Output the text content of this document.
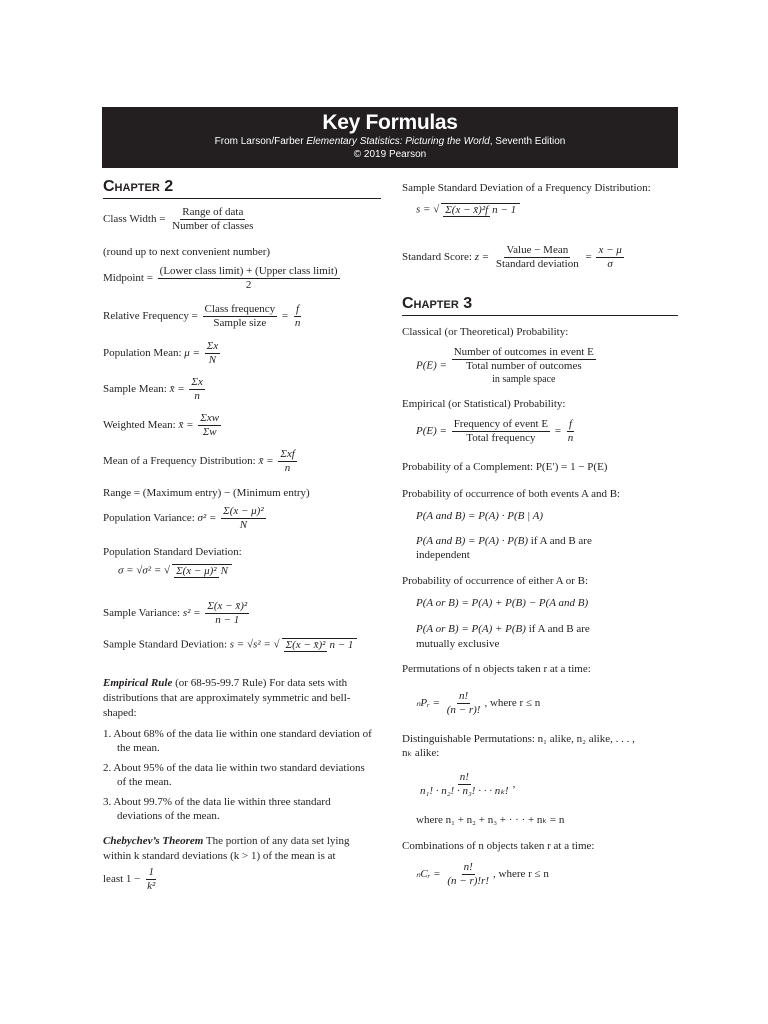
Key Formulas
From Larson/Farber Elementary Statistics: Picturing the World, Seventh Edition
© 2019 Pearson
Chapter 2
Class Width = $\frac{\text{Range of data}}{\text{Number of classes}}$
(round up to next convenient number)
Midpoint = $\frac{\text{(Lower class limit) + (Upper class limit)}}{2}$
Relative Frequency = $\frac{\text{Class frequency}}{\text{Sample size}} = \frac{f}{n}$
Population Mean: $\mu = \frac{\Sigma x}{N}$
Sample Mean: x̄ = $\frac{\Sigma x}{n}$
Weighted Mean: x̄ = $\frac{\text{Σxw}}{\Sigma w}$
Mean of a Frequency Distribution: x̄ = $\frac{\text{Σxf}}{n}$
Range = (Maximum entry) − (Minimum entry)
Population Variance: $\sigma^2 = \frac{\text{Σ(x − μ)²}}{N}$
Population Standard Deviation:
σ = √σ² = √ Σ(x − μ)² N
Sample Variance: $s^2 = \frac{\text{Σ(x − x̄)²}}{n - 1}$
Sample Standard Deviation: s = √s² = √ Σ(x − x̄)² n − 1
Empirical Rule (or 68-95-99.7 Rule) For data sets with distributions that are approximately symmetric and bell-shaped:
1. About 68% of the data lie within one standard deviation of the mean.
2. About 95% of the data lie within two standard deviations of the mean.
3. About 99.7% of the data lie within three standard deviations of the mean.
Chebychev’s Theorem The portion of any data set lying within k standard deviations (k > 1) of the mean is at
least $1 - \frac{1}{\text{k²}}$
Sample Standard Deviation of a Frequency Distribution:
s = √ Σ(x − x̄)²f n − 1
Standard Score: $z = \frac{\text{Value − Mean}}{\text{Standard deviation}} = \frac{x - \mu}{\sigma}$
Chapter 3
Classical (or Theoretical) Probability:
P(E) =
Number of outcomes in event E
Total number of outcomes
in sample space
Empirical (or Statistical) Probability:
$P(E) = \frac{\text{Frequency of event E}}{\text{Total frequency}} = \frac{f}{n}$
Probability of a Complement: P(E′) = 1 − P(E)
Probability of occurrence of both events A and B:
P(A and B) = P(A) · P(B | A)
P(A and B) = P(A) · P(B) if A and B are
independent
Probability of occurrence of either A or B:
P(A or B) = P(A) + P(B) − P(A and B)
P(A or B) = P(A) + P(B) if A and B are
mutually exclusive
Permutations of n objects taken r at a time:
ₙPᵣ = $\frac{n!}{(n - r)!}$ , where r ≤ n
Distinguishable Permutations: n₁ alike, n₂ alike, . . . ,
nₖ alike:
$\frac{n!}{\text{n₁! · n₂! · n₃! · · · nₖ!}}$ ,
where n₁ + n₂ + n₃ + · · · + nₖ = n
Combinations of n objects taken r at a time:
ₙCᵣ = $\frac{n!}{(n - r)!r!}$ , where r ≤ n
